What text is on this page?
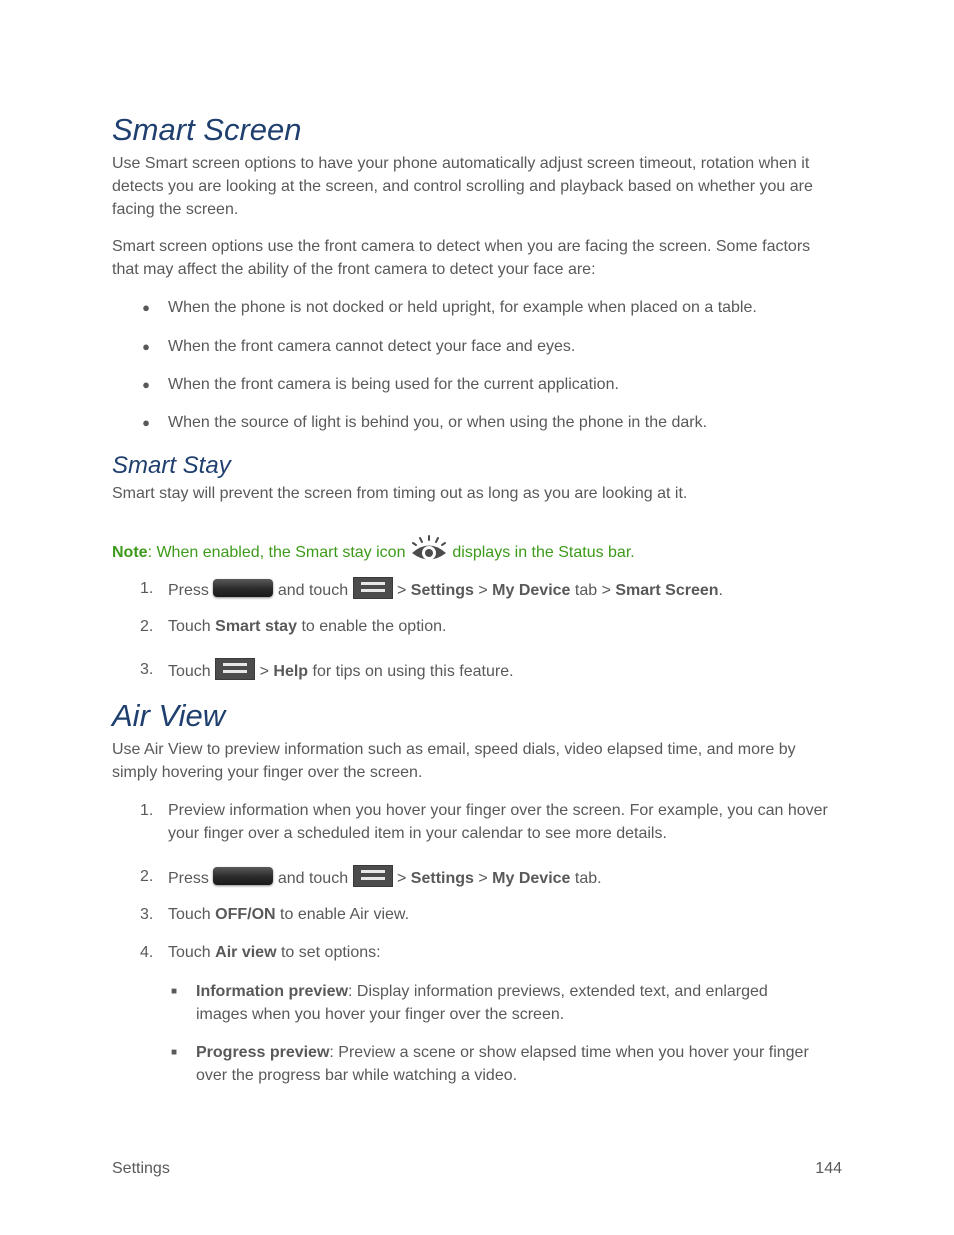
Smart Screen

Use Smart screen options to have your phone automatically adjust screen timeout, rotation when it detects you are looking at the screen, and control scrolling and playback based on whether you are facing the screen.

Smart screen options use the front camera to detect when you are facing the screen. Some factors that may affect the ability of the front camera to detect your face are:

● When the phone is not docked or held upright, for example when placed on a table.
● When the front camera cannot detect your face and eyes.
● When the front camera is being used for the current application.
● When the source of light is behind you, or when using the phone in the dark.
Smart Stay

Smart stay will prevent the screen from timing out as long as you are looking at it.

Note: When enabled, the Smart stay icon	displays in the Status bar.

1. Press	and touch	> Settings > My Device tab > Smart Screen.
2. Touch Smart stay to enable the option.
3. Touch	> Help for tips on using this feature.
Air View

Use Air View to preview information such as email, speed dials, video elapsed time, and more by simply hovering your finger over the screen.

1. Preview information when you hover your finger over the screen. For example, you can hover your finger over a scheduled item in your calendar to see more details.
2. Press	and touch	> Settings > My Device tab.
3. Touch OFF/ON to enable Air view.
4. Touch Air view to set options:
■ Information preview: Display information previews, extended text, and enlarged images when you hover your finger over the screen.
■ Progress preview: Preview a scene or show elapsed time when you hover your finger over the progress bar while watching a video.
Settings	144
